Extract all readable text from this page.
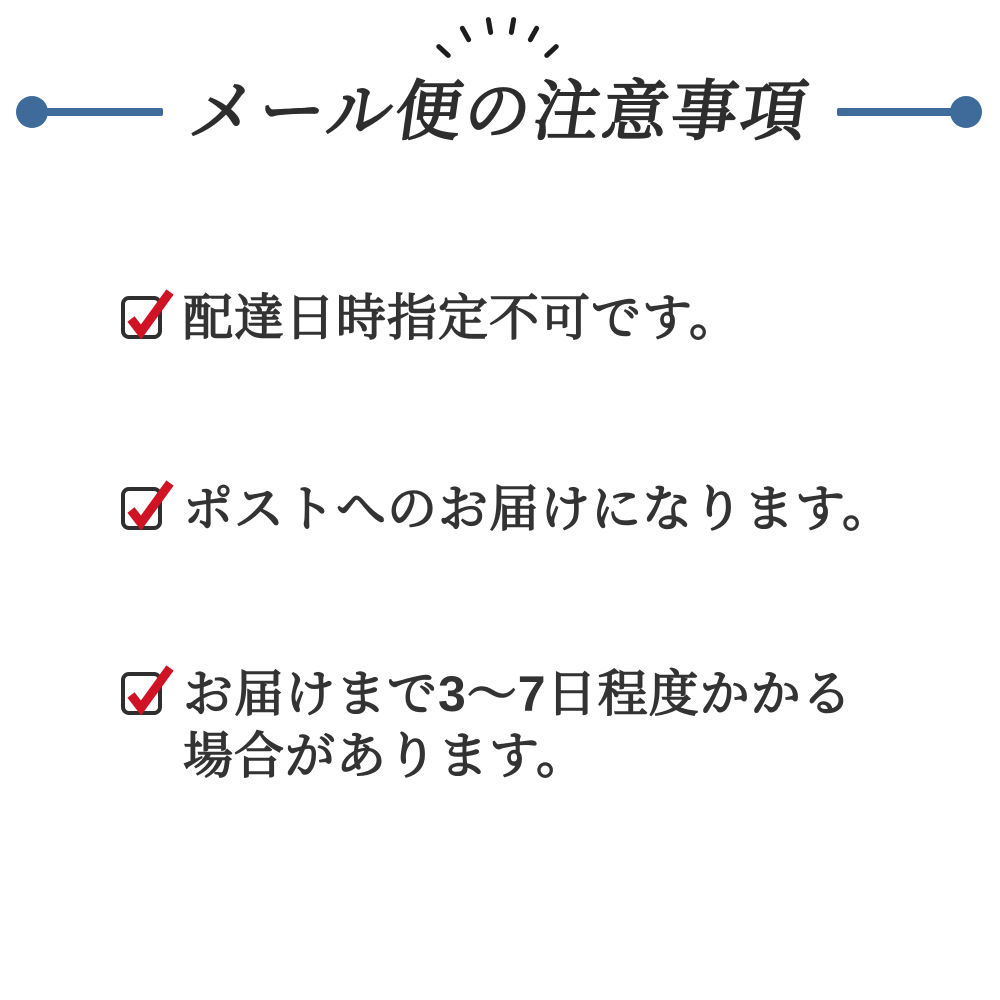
メール便の注意事項
配達日時指定不可です。
ポストへのお届けになります。
お届けまで3〜7日程度かかる
場合があります。
